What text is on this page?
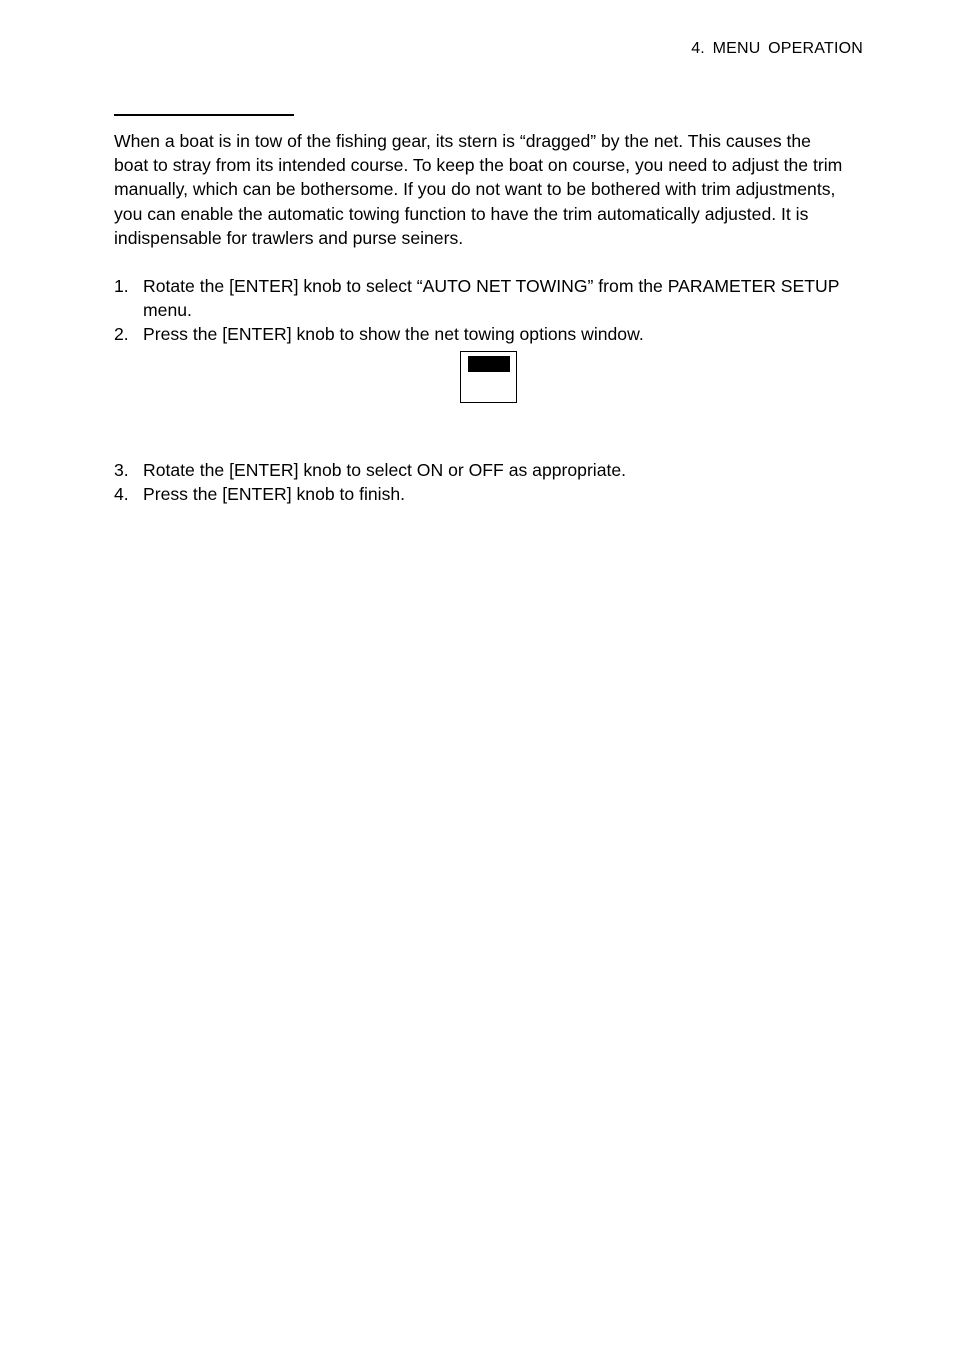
4. MENU OPERATION

When a boat is in tow of the fishing gear, its stern is “dragged” by the net. This causes the boat to stray from its intended course. To keep the boat on course, you need to adjust the trim manually, which can be bothersome. If you do not want to be bothered with trim adjustments, you can enable the automatic towing function to have the trim automatically adjusted. It is indispensable for trawlers and purse seiners.

1. Rotate the [ENTER] knob to select “AUTO NET TOWING” from the PARAMETER SETUP menu.
2. Press the [ENTER] knob to show the net towing options window.
3. Rotate the [ENTER] knob to select ON or OFF as appropriate.
4. Press the [ENTER] knob to finish.
